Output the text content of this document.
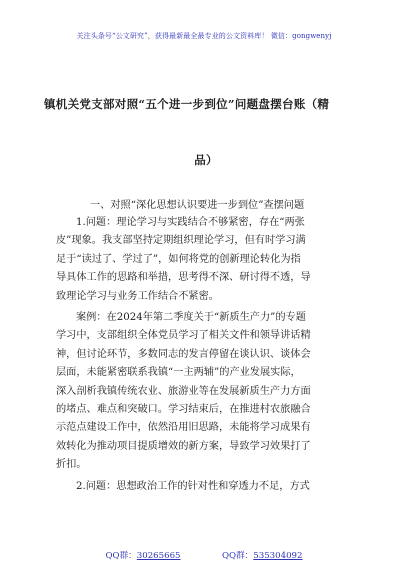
关注头条号“公文研究”，获得最新最全最专业的公文资料库！ 微信：gongwenyj
镇机关党支部对照“五个进一步到位”问题盘摆台账（精
品）
一、对照“深化思想认识要进一步到位”查摆问题

1.问题：理论学习与实践结合不够紧密，存在“两张

皮”现象。我支部坚持定期组织理论学习，但有时学习满

足于“读过了、学过了”，如何将党的创新理论转化为指

导具体工作的思路和举措，思考得不深、研讨得不透，导

致理论学习与业务工作结合不紧密。

案例：在2024年第二季度关于“新质生产力”的专题

学习中，支部组织全体党员学习了相关文件和领导讲话精

神，但讨论环节，多数同志的发言停留在谈认识、谈体会

层面，未能紧密联系我镇“一主两辅”的产业发展实际，

深入剖析我镇传统农业、旅游业等在发展新质生产力方面

的堵点、难点和突破口。学习结束后，在推进村农旅融合

示范点建设工作中，依然沿用旧思路，未能将学习成果有

效转化为推动项目提质增效的新方案，导致学习效果打了

折扣。

2.问题：思想政治工作的针对性和穿透力不足，方式

QQ群：30265665	QQ群：535304092
